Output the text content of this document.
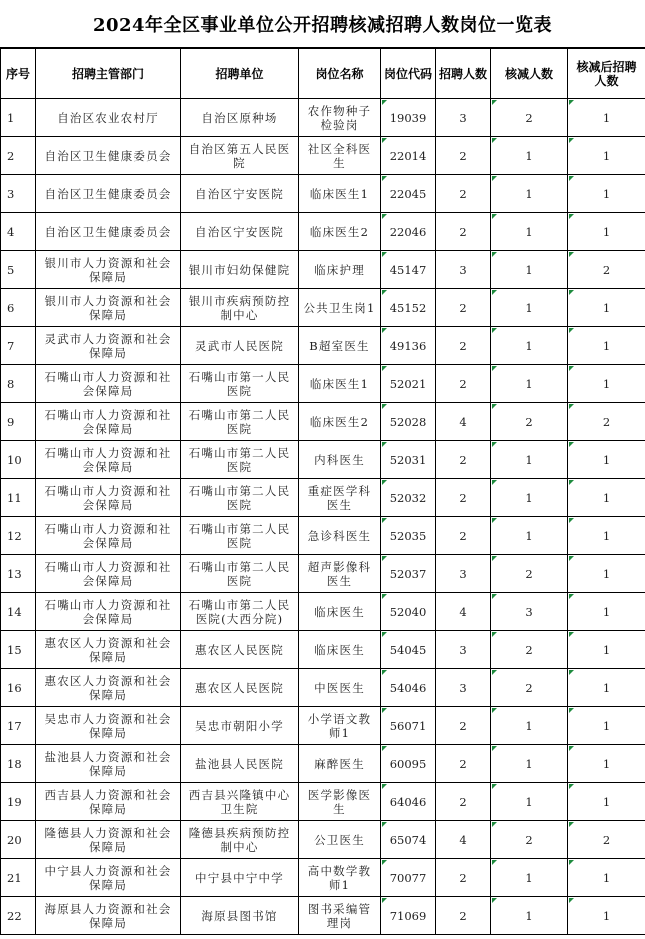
2024年全区事业单位公开招聘核减招聘人数岗位一览表
序号	招聘主管部门	招聘单位	岗位名称	岗位代码	招聘人数	核减人数	核减后招聘人数
1	自治区农业农村厅	自治区原种场	农作物种子检验岗	19039	3	2	1
2	自治区卫生健康委员会	自治区第五人民医院	社区全科医生	22014	2	1	1
3	自治区卫生健康委员会	自治区宁安医院	临床医生1	22045	2	1	1
4	自治区卫生健康委员会	自治区宁安医院	临床医生2	22046	2	1	1
5	银川市人力资源和社会保障局	银川市妇幼保健院	临床护理	45147	3	1	2
6	银川市人力资源和社会保障局	银川市疾病预防控制中心	公共卫生岗1	45152	2	1	1
7	灵武市人力资源和社会保障局	灵武市人民医院	B超室医生	49136	2	1	1
8	石嘴山市人力资源和社会保障局	石嘴山市第一人民医院	临床医生1	52021	2	1	1
9	石嘴山市人力资源和社会保障局	石嘴山市第二人民医院	临床医生2	52028	4	2	2
10	石嘴山市人力资源和社会保障局	石嘴山市第二人民医院	内科医生	52031	2	1	1
11	石嘴山市人力资源和社会保障局	石嘴山市第二人民医院	重症医学科医生	52032	2	1	1
12	石嘴山市人力资源和社会保障局	石嘴山市第二人民医院	急诊科医生	52035	2	1	1
13	石嘴山市人力资源和社会保障局	石嘴山市第二人民医院	超声影像科医生	52037	3	2	1
14	石嘴山市人力资源和社会保障局	石嘴山市第二人民医院(大西分院)	临床医生	52040	4	3	1
15	惠农区人力资源和社会保障局	惠农区人民医院	临床医生	54045	3	2	1
16	惠农区人力资源和社会保障局	惠农区人民医院	中医医生	54046	3	2	1
17	吴忠市人力资源和社会保障局	吴忠市朝阳小学	小学语文教师1	56071	2	1	1
18	盐池县人力资源和社会保障局	盐池县人民医院	麻醉医生	60095	2	1	1
19	西吉县人力资源和社会保障局	西吉县兴隆镇中心卫生院	医学影像医生	64046	2	1	1
20	隆德县人力资源和社会保障局	隆德县疾病预防控制中心	公卫医生	65074	4	2	2
21	中宁县人力资源和社会保障局	中宁县中宁中学	高中数学教师1	70077	2	1	1
22	海原县人力资源和社会保障局	海原县图书馆	图书采编管理岗	71069	2	1	1
